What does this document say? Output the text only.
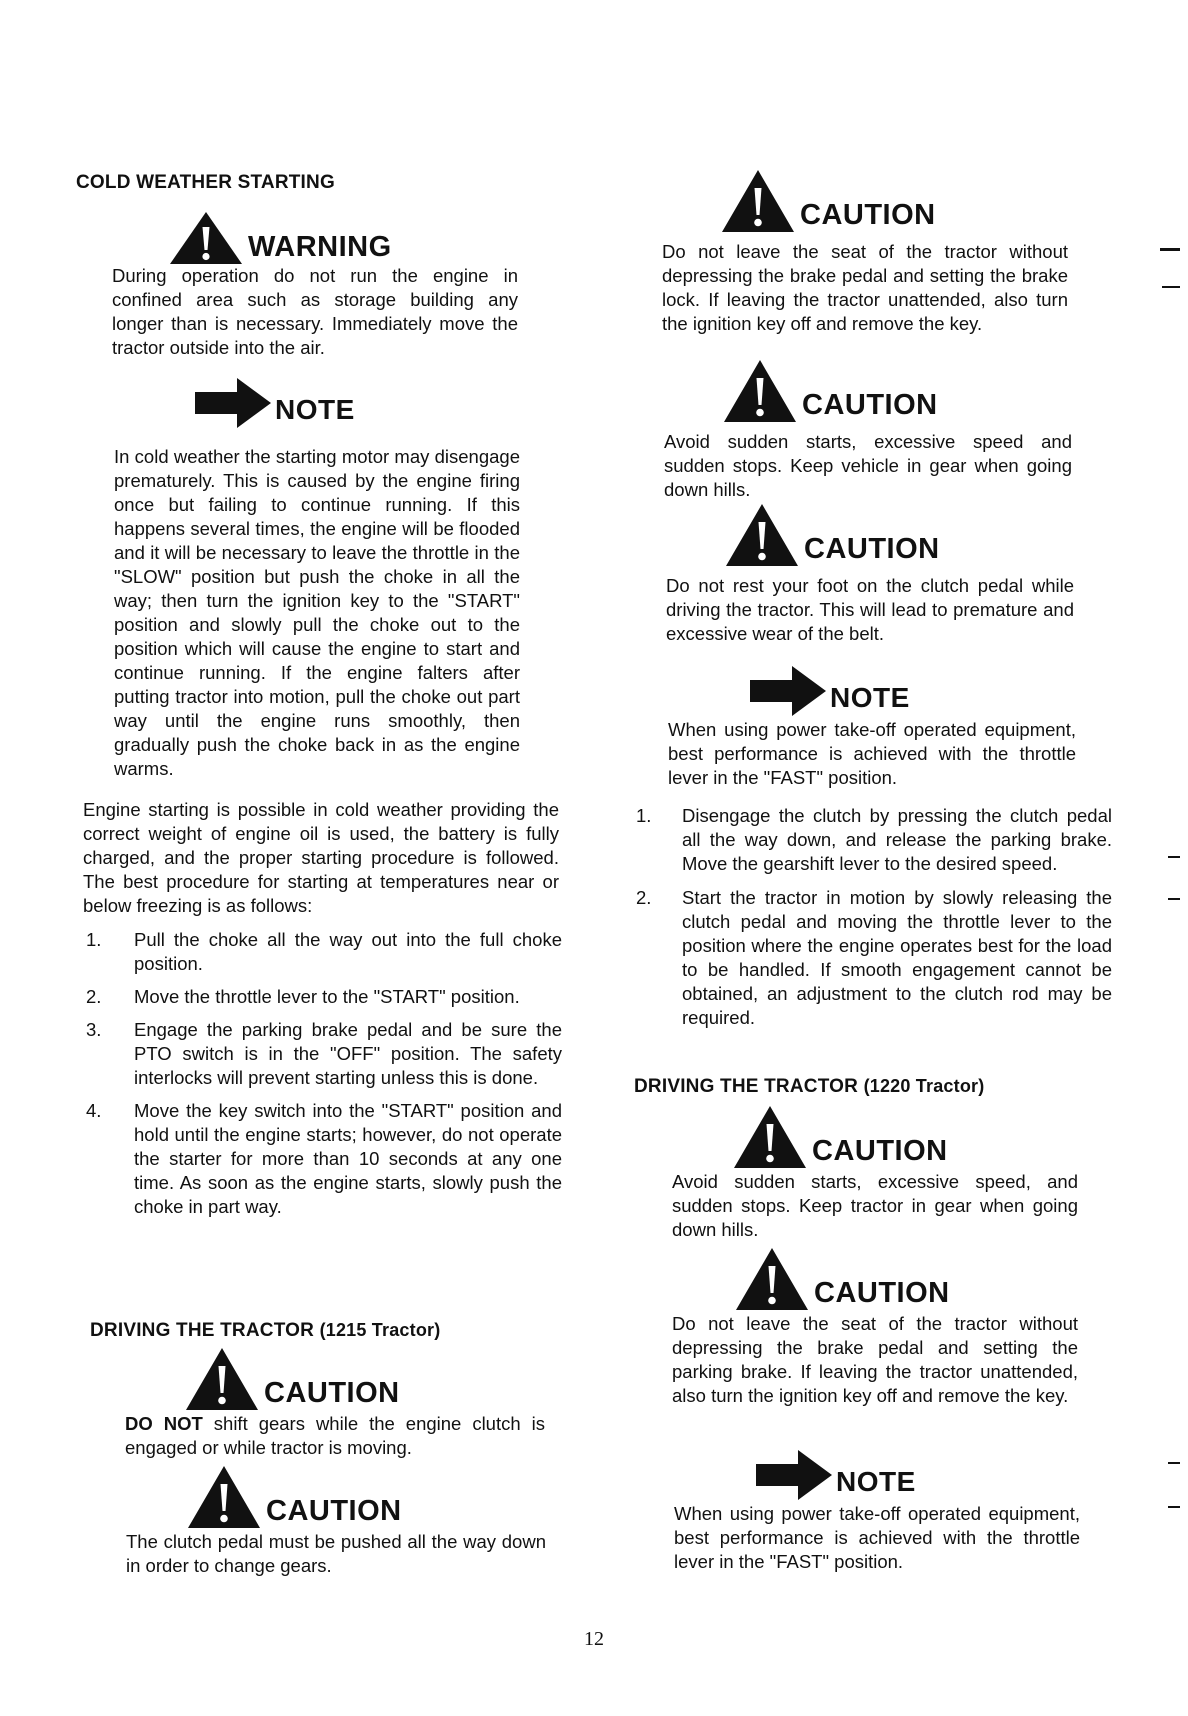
COLD WEATHER STARTING
WARNING
During operation do not run the engine in confined area such as storage building any longer than is necessary. Immediately move the tractor outside into the air.
NOTE
In cold weather the starting motor may disengage prematurely. This is caused by the engine firing once but failing to continue running. If this happens several times, the engine will be flooded and it will be necessary to leave the throttle in the "SLOW" position but push the choke in all the way; then turn the ignition key to the "START" position and slowly pull the choke out to the position which will cause the engine to start and continue running. If the engine falters after putting tractor into motion, pull the choke out part way until the engine runs smoothly, then gradually push the choke back in as the engine warms.
Engine starting is possible in cold weather providing the correct weight of engine oil is used, the battery is fully charged, and the proper starting procedure is followed. The best procedure for starting at temperatures near or below freezing is as follows:
1. Pull the choke all the way out into the full choke position.
2. Move the throttle lever to the "START" position.
3. Engage the parking brake pedal and be sure the PTO switch is in the "OFF" position. The safety interlocks will prevent starting unless this is done.
4. Move the key switch into the "START" position and hold until the engine starts; however, do not operate the starter for more than 10 seconds at any one time. As soon as the engine starts, slowly push the choke in part way.
DRIVING THE TRACTOR (1215 Tractor)
CAUTION
DO NOT shift gears while the engine clutch is engaged or while tractor is moving.
CAUTION
The clutch pedal must be pushed all the way down in order to change gears.
CAUTION
Do not leave the seat of the tractor without depressing the brake pedal and setting the brake lock. If leaving the tractor unattended, also turn the ignition key off and remove the key.
CAUTION
Avoid sudden starts, excessive speed and sudden stops. Keep vehicle in gear when going down hills.
CAUTION
Do not rest your foot on the clutch pedal while driving the tractor. This will lead to premature and excessive wear of the belt.
NOTE
When using power take-off operated equipment, best performance is achieved with the throttle lever in the "FAST" position.
1. Disengage the clutch by pressing the clutch pedal all the way down, and release the parking brake. Move the gearshift lever to the desired speed.
2. Start the tractor in motion by slowly releasing the clutch pedal and moving the throttle lever to the position where the engine operates best for the load to be handled. If smooth engagement cannot be obtained, an adjustment to the clutch rod may be required.
DRIVING THE TRACTOR (1220 Tractor)
CAUTION
Avoid sudden starts, excessive speed, and sudden stops. Keep tractor in gear when going down hills.
CAUTION
Do not leave the seat of the tractor without depressing the brake pedal and setting the parking brake. If leaving the tractor unattended, also turn the ignition key off and remove the key.
NOTE
When using power take-off operated equipment, best performance is achieved with the throttle lever in the "FAST" position.
12
